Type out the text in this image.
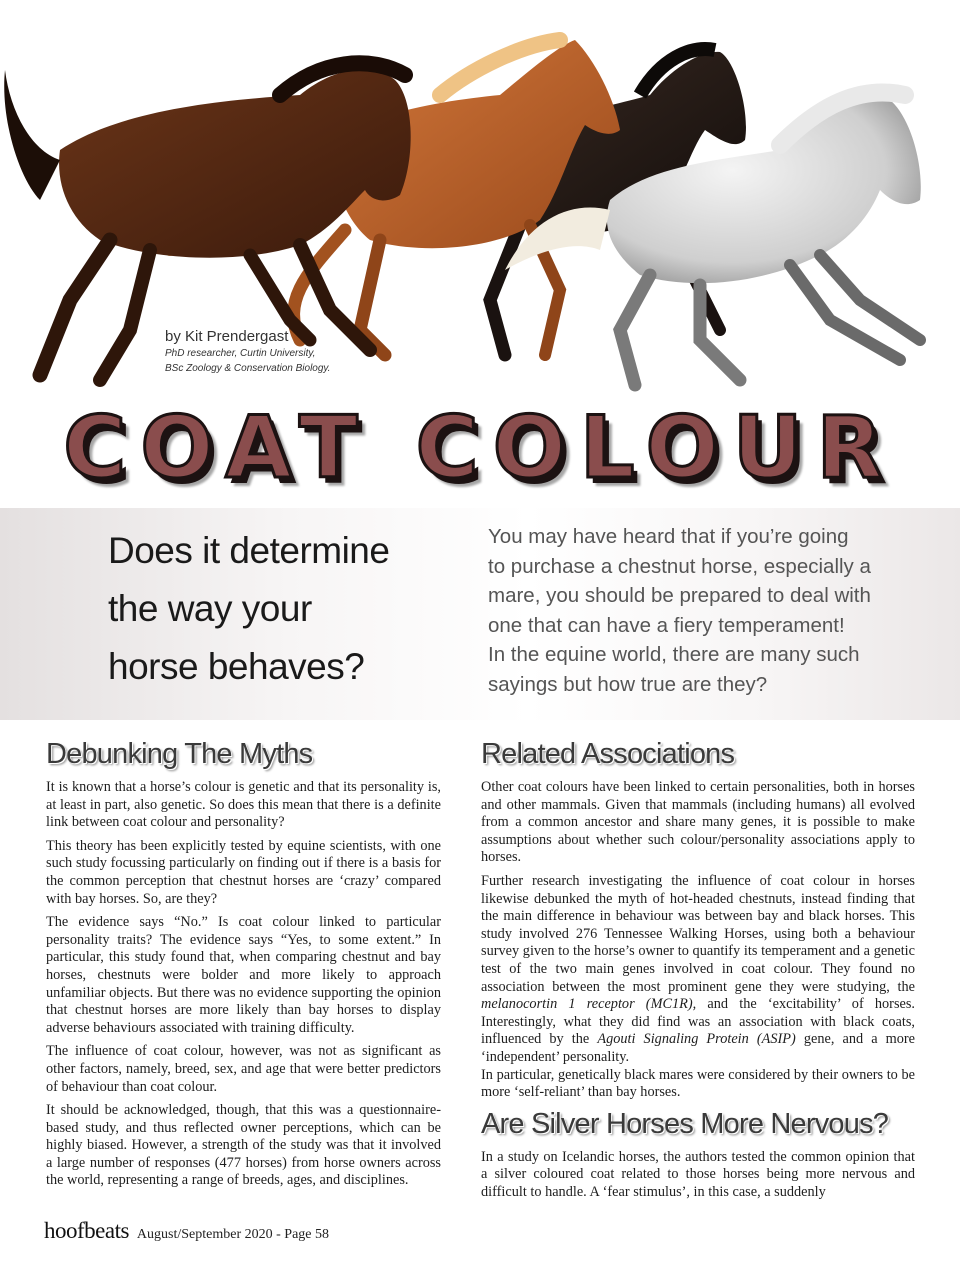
by Kit Prendergast
PhD researcher, Curtin University,
BSc Zoology & Conservation Biology.
COAT COLOUR
Does it determine
the way your
horse behaves?
You may have heard that if you’re going
to purchase a chestnut horse, especially a
mare, you should be prepared to deal with
one that can have a fiery temperament!
In the equine world, there are many such
sayings but how true are they?
Debunking The Myths

It is known that a horse’s colour is genetic and that its personality is, at least in part, also genetic. So does this mean that there is a definite link between coat colour and personality?

This theory has been explicitly tested by equine scientists, with one such study focussing particularly on finding out if there is a basis for the common perception that chestnut horses are ‘crazy’ compared with bay horses. So, are they?

The evidence says “No.” Is coat colour linked to particular personality traits? The evidence says “Yes, to some extent.” In particular, this study found that, when comparing chestnut and bay horses, chestnuts were bolder and more likely to approach unfamiliar objects. But there was no evidence supporting the opinion that chestnut horses are more likely than bay horses to display adverse behaviours associated with training difficulty.

The influence of coat colour, however, was not as significant as other factors, namely, breed, sex, and age that were better predictors of behaviour than coat colour.

It should be acknowledged, though, that this was a questionnaire-based study, and thus reflected owner perceptions, which can be highly biased. However, a strength of the study was that it involved a large number of responses (477 horses) from horse owners across the world, representing a range of breeds, ages, and disciplines.

Related Associations

Other coat colours have been linked to certain personalities, both in horses and other mammals. Given that mammals (including humans) all evolved from a common ancestor and share many genes, it is possible to make assumptions about whether such colour/personality associations apply to horses.

Further research investigating the influence of coat colour in horses likewise debunked the myth of hot-headed chestnuts, instead finding that the main difference in behaviour was between bay and black horses. This study involved 276 Tennessee Walking Horses, using both a behaviour survey given to the horse’s owner to quantify its temperament and a genetic test of the two main genes involved in coat colour. They found no association between the most prominent gene they were studying, the melanocortin 1 receptor (MC1R), and the ‘excitability’ of horses. Interestingly, what they did find was an association with black coats, influenced by the Agouti Signaling Protein (ASIP) gene, and a more ‘independent’ personality.

In particular, genetically black mares were considered by their owners to be more ‘self-reliant’ than bay horses.

Are Silver Horses More Nervous?

In a study on Icelandic horses, the authors tested the common opinion that a silver coloured coat related to those horses being more nervous and difficult to handle. A ‘fear stimulus’, in this case, a suddenly

hoofbeats August/September 2020 - Page 58
